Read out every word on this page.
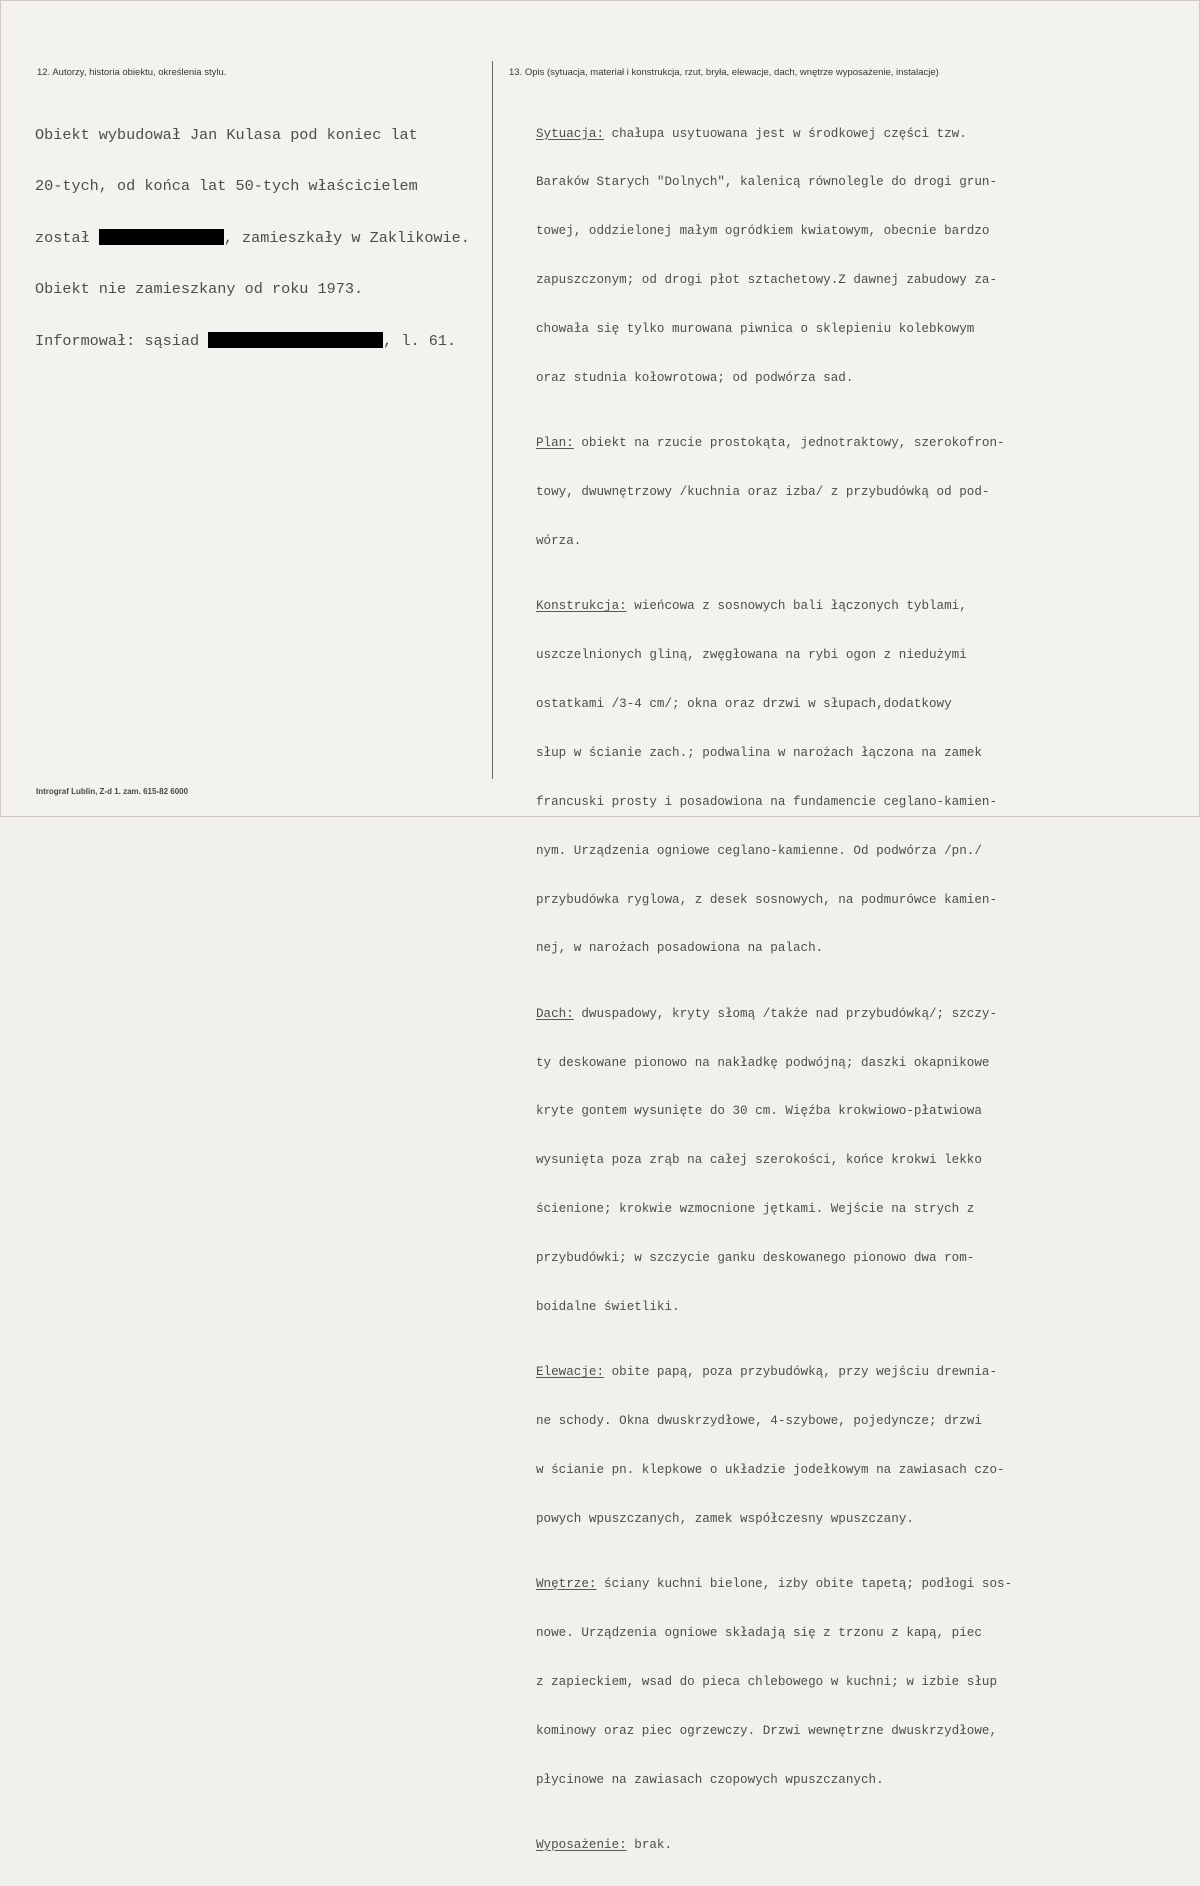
12. Autorzy, historia obiektu, określenia stylu.	13. Opis (sytuacja, materiał i konstrukcja, rzut, bryła, elewacje, dach, wnętrze wyposażenie, instalacje)

Obiekt wybudował Jan Kulasa pod koniec lat

20-tych, od końca lat 50-tych właścicielem

został	, zamieszkały w Zaklikowie.

Obiekt nie zamieszkany od roku 1973.

Informował: sąsiad	, l. 61.

Sytuacja: chałupa usytuowana jest w środkowej części tzw.

Baraków Starych "Dolnych", kalenicą równolegle do drogi grun-

towej, oddzielonej małym ogródkiem kwiatowym, obecnie bardzo

zapuszczonym; od drogi płot sztachetowy.Z dawnej zabudowy za-

chowała się tylko murowana piwnica o sklepieniu kolebkowym

oraz studnia kołowrotowa; od podwórza sad.

Plan: obiekt na rzucie prostokąta, jednotraktowy, szerokofron-

towy, dwuwnętrzowy /kuchnia oraz izba/ z przybudówką od pod-

wórza.

Konstrukcja: wieńcowa z sosnowych bali łączonych tyblami,

uszczelnionych gliną, zwęgłowana na rybi ogon z niedużymi

ostatkami /3-4 cm/; okna oraz drzwi w słupach,dodatkowy

słup w ścianie zach.; podwalina w narożach łączona na zamek

francuski prosty i posadowiona na fundamencie ceglano-kamien-

nym. Urządzenia ogniowe ceglano-kamienne. Od podwórza /pn./

przybudówka ryglowa, z desek sosnowych, na podmurówce kamien-

nej, w narożach posadowiona na palach.

Dach: dwuspadowy, kryty słomą /także nad przybudówką/; szczy-

ty deskowane pionowo na nakładkę podwójną; daszki okapnikowe

kryte gontem wysunięte do 30 cm. Więźba krokwiowo-płatwiowa

wysunięta poza zrąb na całej szerokości, końce krokwi lekko

ścienione; krokwie wzmocnione jętkami. Wejście na strych z

przybudówki; w szczycie ganku deskowanego pionowo dwa rom-

boidalne świetliki.

Elewacje: obite papą, poza przybudówką, przy wejściu drewnia-

ne schody. Okna dwuskrzydłowe, 4-szybowe, pojedyncze; drzwi

w ścianie pn. klepkowe o układzie jodełkowym na zawiasach czo-

powych wpuszczanych, zamek współczesny wpuszczany.

Wnętrze: ściany kuchni bielone, izby obite tapetą; podłogi sos-

nowe. Urządzenia ogniowe składają się z trzonu z kapą, piec

z zapieckiem, wsad do pieca chlebowego w kuchni; w izbie słup

kominowy oraz piec ogrzewczy. Drzwi wewnętrzne dwuskrzydłowe,

płycinowe na zawiasach czopowych wpuszczanych.

Wyposażenie: brak.

Intrograf Lublin, Z-d 1. zam. 615-82 6000
